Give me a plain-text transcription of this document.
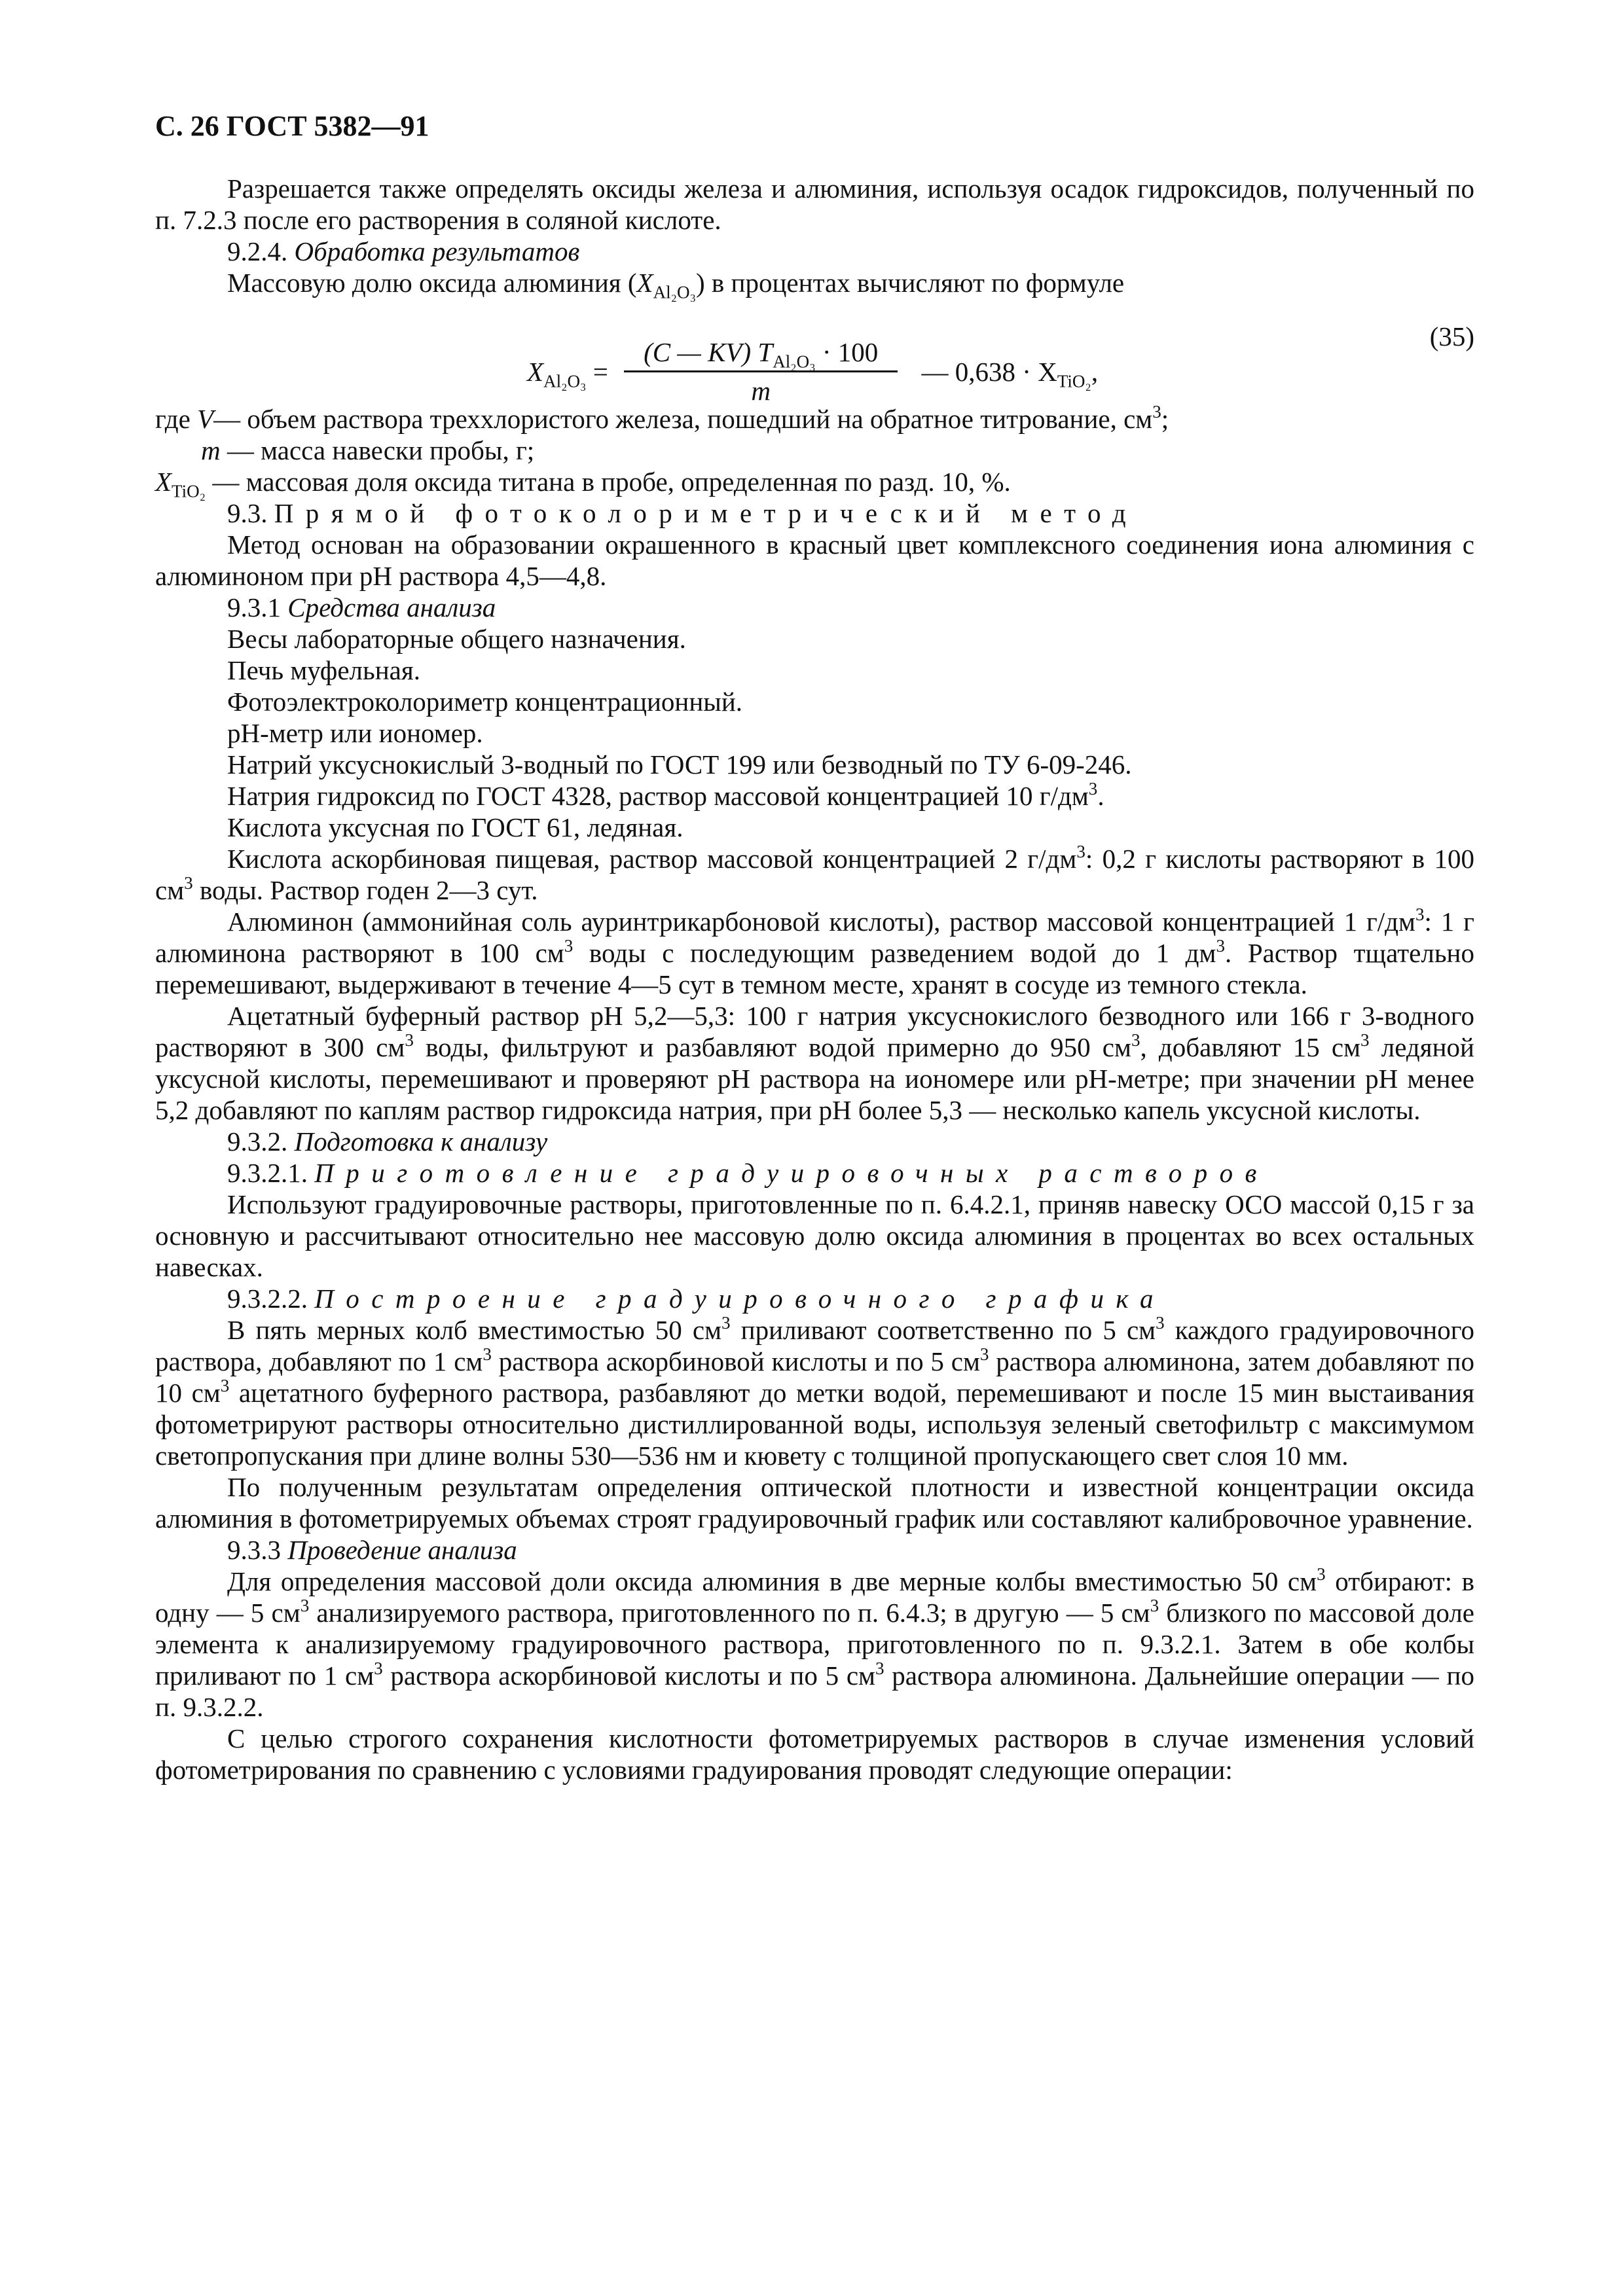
С. 26 ГОСТ 5382—91

Разрешается также определять оксиды железа и алюминия, используя осадок гидроксидов, полученный по п. 7.2.3 после его растворения в соляной кислоте.

9.2.4. Обработка результатов

Массовую долю оксида алюминия $(X_{Al_2O_3})$ в процентах вычисляют по формуле

$X_{Al_2O_3} = \frac{(C — KV) T_{Al_2O_3} \cdot 100}{m}$ — $0,638 \cdot X_{TiO_2}$,
(35)

где V— объем раствора треххлористого железа, пошедший на обратное титрование, $см^3$;

m — масса навески пробы, г;

$X_{TiO_2}$ — массовая доля оксида титана в пробе, определенная по разд. 10, %.

9.3. Прямой фотоколориметрический метод

Метод основан на образовании окрашенного в красный цвет комплексного соединения иона алюминия с алюминоном при pH раствора 4,5—4,8.

9.3.1 Средства анализа

Весы лабораторные общего назначения.

Печь муфельная.

Фотоэлектроколориметр концентрационный.

pH-метр или иономер.

Натрий уксуснокислый 3-водный по ГОСТ 199 или безводный по ТУ 6-09-246.

Натрия гидроксид по ГОСТ 4328, раствор массовой концентрацией 10 $г/дм^3$.

Кислота уксусная по ГОСТ 61, ледяная.

Кислота аскорбиновая пищевая, раствор массовой концентрацией 2 $г/дм^3$: 0,2 г кислоты растворяют в 100 $см^3$ воды. Раствор годен 2—3 сут.

Алюминон (аммонийная соль ауринтрикарбоновой кислоты), раствор массовой концентрацией 1 $г/дм^3$: 1 г алюминона растворяют в 100 $см^3$ воды с последующим разведением водой до 1 $дм^3$. Раствор тщательно перемешивают, выдерживают в течение 4—5 сут в темном месте, хранят в сосуде из темного стекла.

Ацетатный буферный раствор pH 5,2—5,3: 100 г натрия уксуснокислого безводного или 166 г 3-водного растворяют в 300 $см^3$ воды, фильтруют и разбавляют водой примерно до 950 $см^3$, добавляют 15 $см^3$ ледяной уксусной кислоты, перемешивают и проверяют pH раствора на иономере или pH-метре; при значении pH менее 5,2 добавляют по каплям раствор гидроксида натрия, при pH более 5,3 — несколько капель уксусной кислоты.

9.3.2. Подготовка к анализу

9.3.2.1. Приготовление градуировочных растворов

Используют градуировочные растворы, приготовленные по п. 6.4.2.1, приняв навеску ОСО массой 0,15 г за основную и рассчитывают относительно нее массовую долю оксида алюминия в процентах во всех остальных навесках.

9.3.2.2. Построение градуировочного графика

В пять мерных колб вместимостью 50 $см^3$ приливают соответственно по 5 $см^3$ каждого градуировочного раствора, добавляют по 1 $см^3$ раствора аскорбиновой кислоты и по 5 $см^3$ раствора алюминона, затем добавляют по 10 $см^3$ ацетатного буферного раствора, разбавляют до метки водой, перемешивают и после 15 мин выстаивания фотометрируют растворы относительно дистиллированной воды, используя зеленый светофильтр с максимумом светопропускания при длине волны 530—536 нм и кювету с толщиной пропускающего свет слоя 10 мм.

По полученным результатам определения оптической плотности и известной концентрации оксида алюминия в фотометрируемых объемах строят градуировочный график или составляют калибровочное уравнение.

9.3.3 Проведение анализа

Для определения массовой доли оксида алюминия в две мерные колбы вместимостью 50 $см^3$ отбирают: в одну — 5 $см^3$ анализируемого раствора, приготовленного по п. 6.4.3; в другую — 5 $см^3$ близкого по массовой доле элемента к анализируемому градуировочного раствора, приготовленного по п. 9.3.2.1. Затем в обе колбы приливают по 1 $см^3$ раствора аскорбиновой кислоты и по 5 $см^3$ раствора алюминона. Дальнейшие операции — по п. 9.3.2.2.

С целью строгого сохранения кислотности фотометрируемых растворов в случае изменения условий фотометрирования по сравнению с условиями градуирования проводят следующие операции:
